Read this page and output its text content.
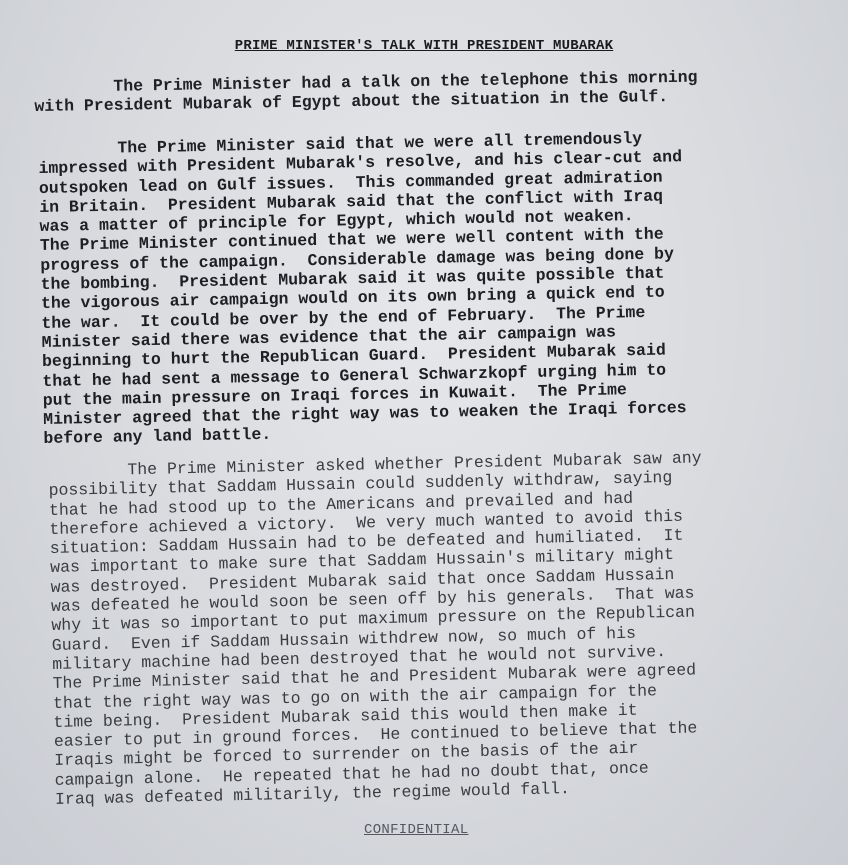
PRIME MINISTER'S TALK WITH PRESIDENT MUBARAK

The Prime Minister had a talk on the telephone this morning
with President Mubarak of Egypt about the situation in the Gulf.

The Prime Minister said that we were all tremendously
impressed with President Mubarak's resolve, and his clear-cut and
outspoken lead on Gulf issues.  This commanded great admiration
in Britain.  President Mubarak said that the conflict with Iraq
was a matter of principle for Egypt, which would not weaken.
The Prime Minister continued that we were well content with the
progress of the campaign.  Considerable damage was being done by
the bombing.  President Mubarak said it was quite possible that
the vigorous air campaign would on its own bring a quick end to
the war.  It could be over by the end of February.  The Prime
Minister said there was evidence that the air campaign was
beginning to hurt the Republican Guard.  President Mubarak said
that he had sent a message to General Schwarzkopf urging him to
put the main pressure on Iraqi forces in Kuwait.  The Prime
Minister agreed that the right way was to weaken the Iraqi forces
before any land battle.

The Prime Minister asked whether President Mubarak saw any
possibility that Saddam Hussain could suddenly withdraw, saying
that he had stood up to the Americans and prevailed and had
therefore achieved a victory.  We very much wanted to avoid this
situation: Saddam Hussain had to be defeated and humiliated.  It
was important to make sure that Saddam Hussain's military might
was destroyed.  President Mubarak said that once Saddam Hussain
was defeated he would soon be seen off by his generals.  That was
why it was so important to put maximum pressure on the Republican
Guard.  Even if Saddam Hussain withdrew now, so much of his
military machine had been destroyed that he would not survive.
The Prime Minister said that he and President Mubarak were agreed
that the right way was to go on with the air campaign for the
time being.  President Mubarak said this would then make it
easier to put in ground forces.  He continued to believe that the
Iraqis might be forced to surrender on the basis of the air
campaign alone.  He repeated that he had no doubt that, once
Iraq was defeated militarily, the regime would fall.

CONFIDENTIAL
